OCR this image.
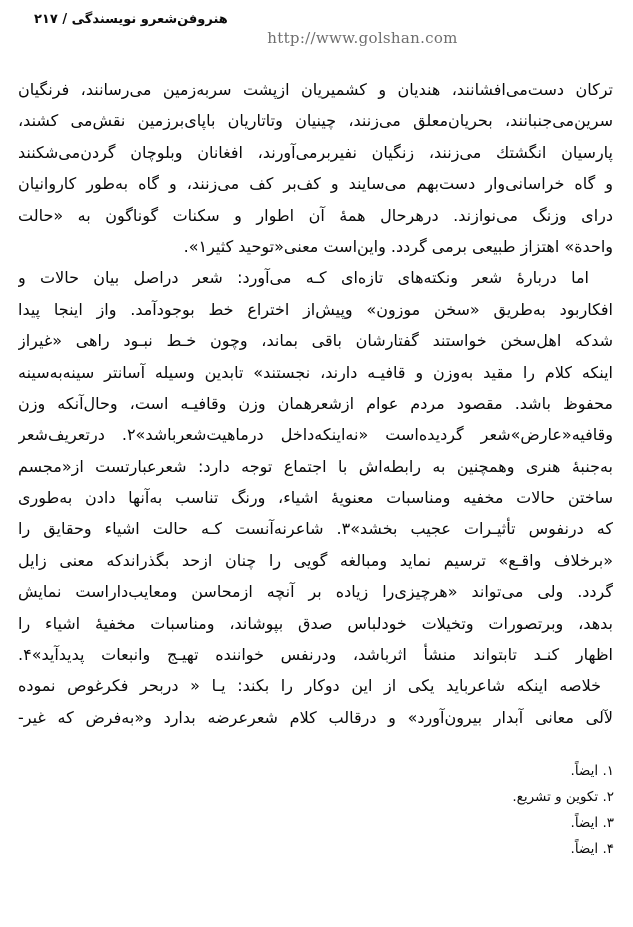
هنروفن‌شعرو نویسندگی / ۲۱۷
http://www.golshan.com
ترکان دست‌می‌افشانند، هندیان و کشمیریان ازپشت سربه‌زمین می‌رسانند، فرنگیان
سرین‌می‌جنبانند، بحریان‌معلق می‌زنند، چینیان وتاتاریان باپای‌برزمین نقش‌می کشند،
پارسیان انگشتك می‌زنند، زنگیان نفیربرمی‌آورند، افغانان وبلوچان گردن‌می‌شکنند
و گاه خراسانی‌وار دست‌بهم می‌سایند و کف‌بر کف می‌زنند، و گاه به‌طور کاروانیان
درای وزنگ می‌نوازند. درهرحال همهٔ آن اطوار و سکنات گوناگون به «حالت
واحدة» اهتزاز طبیعی برمی گردد. واین‌است معنی«توحید کثیر۱».
اما دربارهٔ شعر ونکته‌های تازه‌ای کـه می‌آورد: شعر دراصل بیان حالات و
افکاربود به‌طریق «سخن موزون» وپیش‌از اختراع خط بوجودآمد. واز اینجا پیدا
شدکه اهل‌سخن خواستند گفتارشان باقی بماند، وچون خـط نبـود راهی «غیراز
اینکه کلام را مقید به‌وزن و قافیـه دارند، نجستند» تابدین وسیله آسانتر سینه‌به‌سینه
محفوظ باشد. مقصود مردم عوام ازشعرهمان وزن وقافیـه است، وحال‌آنکه وزن
وقافیه«عارض»شعر گردیده‌است «نه‌اینکه‌داخل درماهیت‌شعرباشد»۲. درتعریف‌شعر
به‌جنبهٔ هنری وهمچنین به رابطه‌اش با اجتماع توجه دارد: شعرعبارتست از«مجسم
ساختن حالات مخفیه ومناسبات معنویهٔ اشیاء، ورنگ تناسب به‌آنها دادن به‌طوری
که درنفوس تأثیـرات عجیب بخشد»۳. شاعرنه‌آنست کـه حالت اشیاء وحقایق را
«برخلاف واقـع» ترسیم نماید ومبالغه گویی را چنان ازحد بگذراندکه معنی زایل
گردد. ولی می‌تواند «هرچیزی‌را زیاده بر آنچه ازمحاسن ومعایب‌داراست نمایش
بدهد، وبرتصورات وتخیلات خودلباس صدق بپوشاند، ومناسبات مخفیهٔ اشیاء را
اظهار کنـد تابتواند منشأ اثرباشد، ودرنفس خواننده تهیـج وانبعات پدیدآید»۴.
خلاصه اینکه شاعرباید یکی از این دوکار را بکند: یـا « دربحر فکرغوص نموده
لآلی معانی آبدار بیرون‌آورد» و درقالب کلام شعرعرضه بدارد و«به‌فرض که غیر-
۱. ایضاً.
۲. تکوین و تشریع.
۳. ایضاً.
۴. ایضاً.
